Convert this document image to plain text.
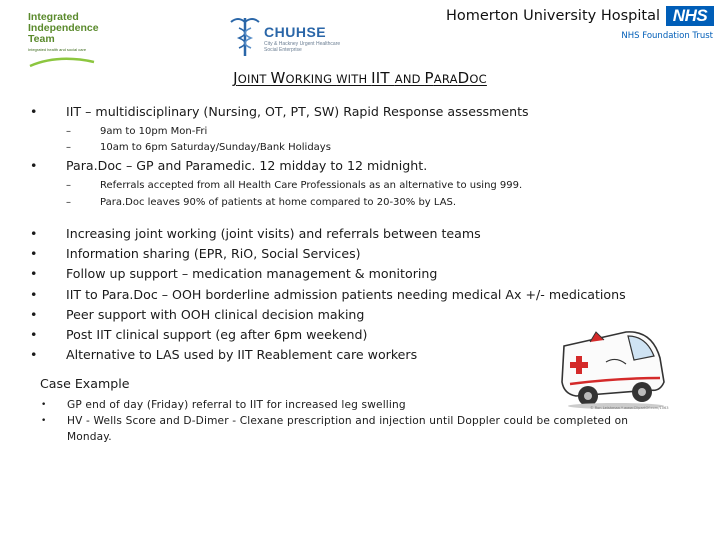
Integrated
Independence
Team
Integrated health and social care
CHUHSE
City & Hackney Urgent Healthcare Social Enterprise
Homerton University Hospital NHS
NHS Foundation Trust
JOINT WORKING WITH IIT AND PARADOC
• IIT – multidisciplinary (Nursing, OT, PT, SW) Rapid Response assessments
–	9am to 10pm Mon-Fri
–	10am to 6pm Saturday/Sunday/Bank Holidays
• Para.Doc – GP and Paramedic. 12 midday to 12 midnight.
–	Referrals accepted from all Health Care Professionals as an alternative to using 999.
–	Para.Doc leaves 90% of patients at home compared to 20-30% by LAS.
• Increasing joint working (joint visits) and referrals between teams
• Information sharing (EPR, RiO, Social Services)
• Follow up support – medication management & monitoring
• IIT to Para.Doc – OOH borderline admission patients needing medical Ax +/- medications
• Peer support with OOH clinical decision making
• Post IIT clinical support (eg after 6pm weekend)
• Alternative to LAS used by IIT Reablement care workers
© Ron Leishman * www.ClipartOf.com/1063
Case Example
• GP end of day (Friday) referral to IIT for increased leg swelling
• HV - Wells Score and D-Dimer - Clexane prescription and injection until Doppler could be completed on Monday.
